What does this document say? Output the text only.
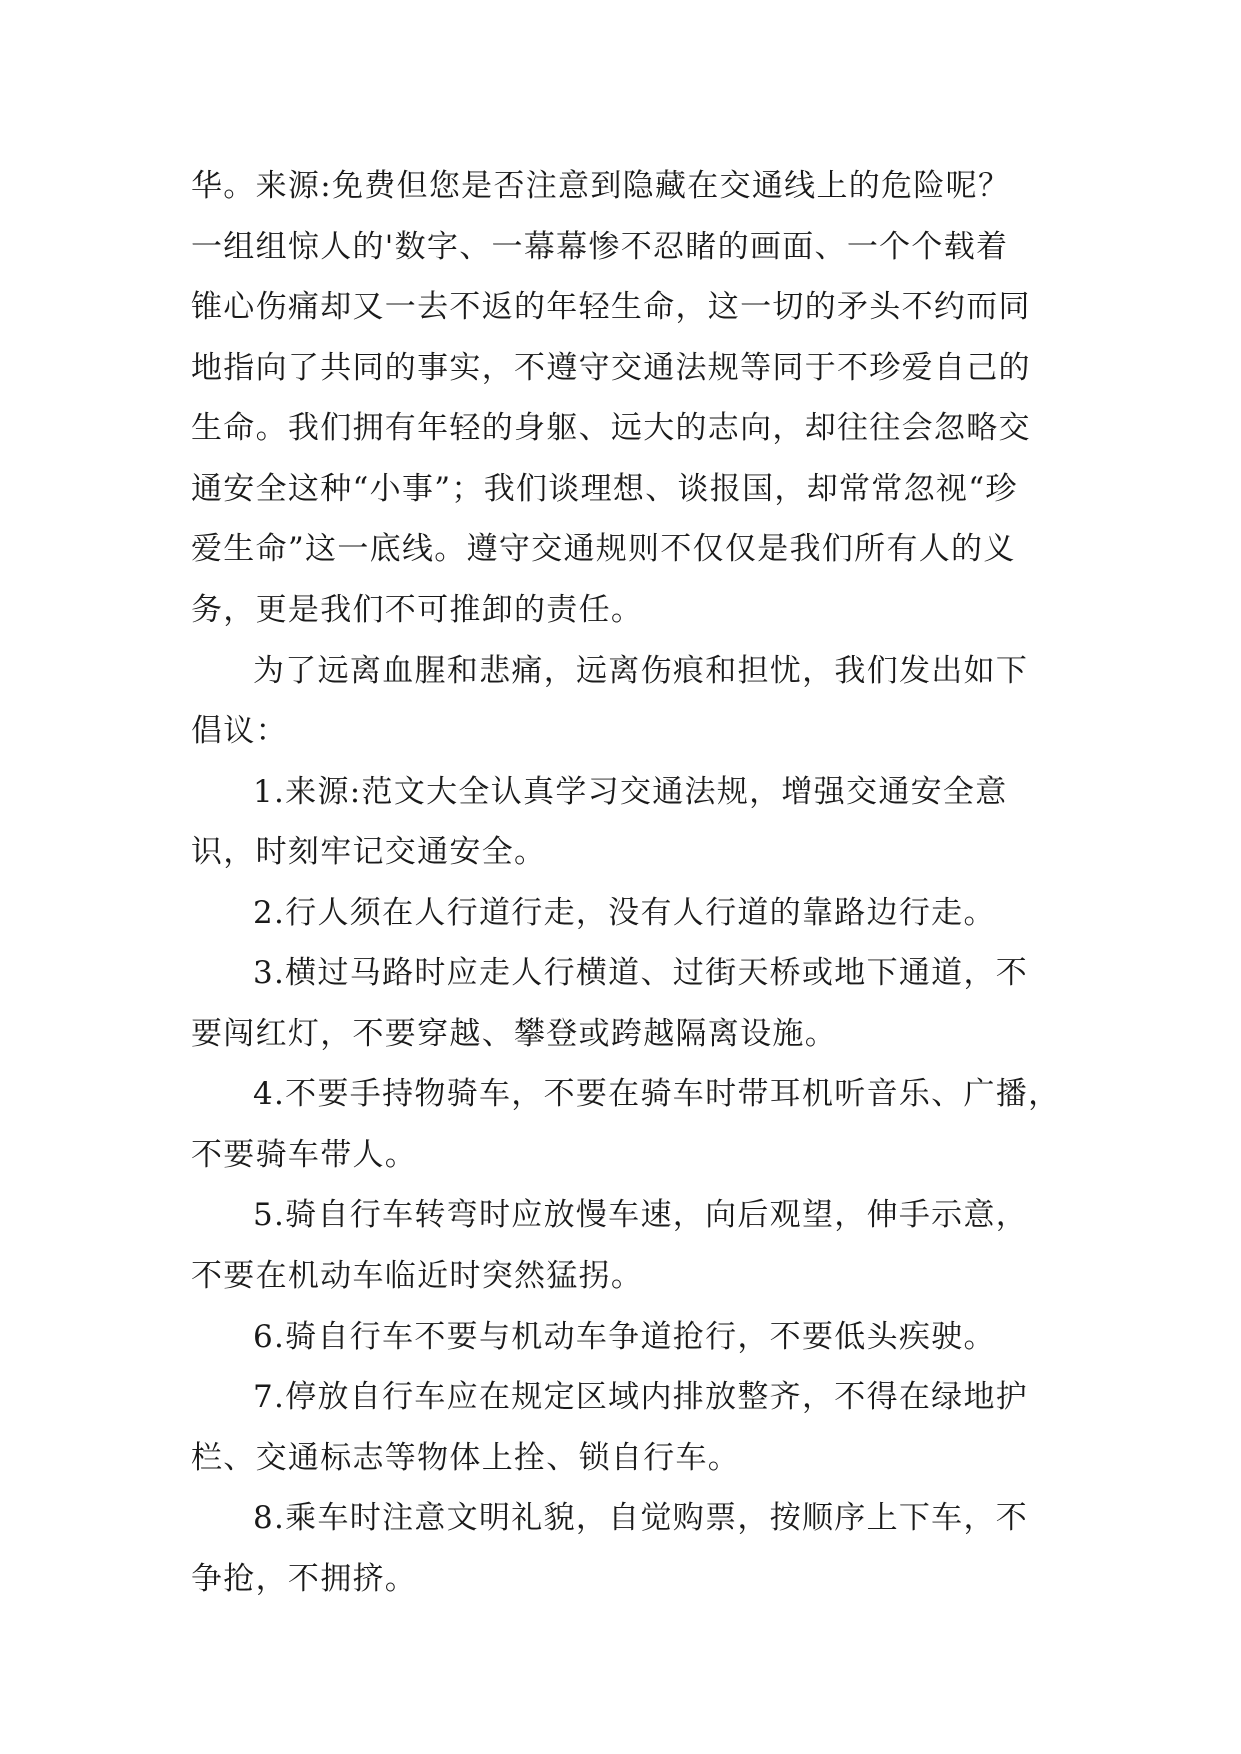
华。来源:免费但您是否注意到隐藏在交通线上的危险呢？
一组组惊人的'数字、一幕幕惨不忍睹的画面、一个个载着
锥心伤痛却又一去不返的年轻生命，这一切的矛头不约而同
地指向了共同的事实，不遵守交通法规等同于不珍爱自己的
生命。我们拥有年轻的身躯、远大的志向，却往往会忽略交
通安全这种“小事”；我们谈理想、谈报国，却常常忽视“珍
爱生命”这一底线。遵守交通规则不仅仅是我们所有人的义
务，更是我们不可推卸的责任。
为了远离血腥和悲痛，远离伤痕和担忧，我们发出如下
倡议：
1.来源:范文大全认真学习交通法规，增强交通安全意
识，时刻牢记交通安全。
2.行人须在人行道行走，没有人行道的靠路边行走。
3.横过马路时应走人行横道、过街天桥或地下通道，不
要闯红灯，不要穿越、攀登或跨越隔离设施。
4.不要手持物骑车，不要在骑车时带耳机听音乐、广播，
不要骑车带人。
5.骑自行车转弯时应放慢车速，向后观望，伸手示意，
不要在机动车临近时突然猛拐。
6.骑自行车不要与机动车争道抢行，不要低头疾驶。
7.停放自行车应在规定区域内排放整齐，不得在绿地护
栏、交通标志等物体上拴、锁自行车。
8.乘车时注意文明礼貌，自觉购票，按顺序上下车，不
争抢，不拥挤。
